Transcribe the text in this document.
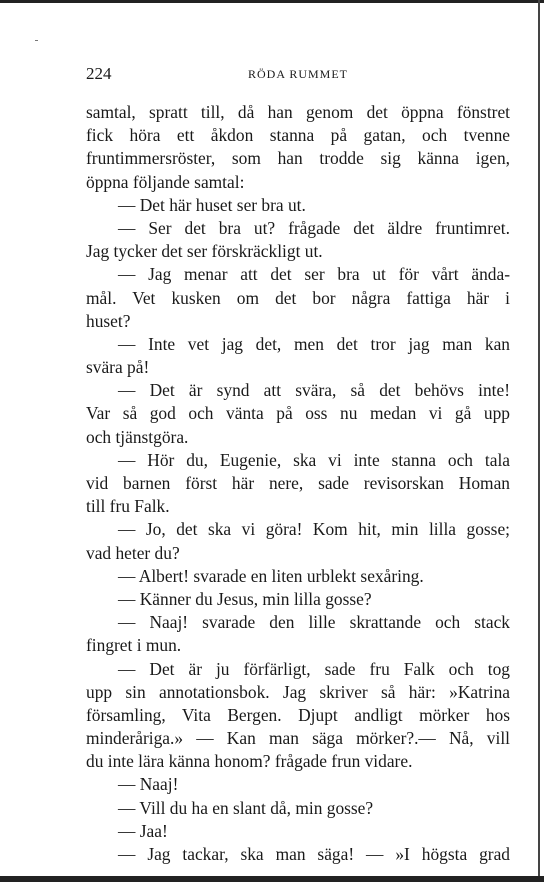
224	RÖDA RUMMET
samtal, spratt till, då han genom det öppna fönstret
fick höra ett åkdon stanna på gatan, och tvenne
fruntimmersröster, som han trodde sig känna igen,
öppna följande samtal:
— Det här huset ser bra ut.
— Ser det bra ut? frågade det äldre fruntimret.
Jag tycker det ser förskräckligt ut.
— Jag menar att det ser bra ut för vårt ända-
mål. Vet kusken om det bor några fattiga här i
huset?
— Inte vet jag det, men det tror jag man kan
svära på!
— Det är synd att svära, så det behövs inte!
Var så god och vänta på oss nu medan vi gå upp
och tjänstgöra.
— Hör du, Eugenie, ska vi inte stanna och tala
vid barnen först här nere, sade revisorskan Homan
till fru Falk.
— Jo, det ska vi göra! Kom hit, min lilla gosse;
vad heter du?
— Albert! svarade en liten urblekt sexåring.
— Känner du Jesus, min lilla gosse?
— Naaj! svarade den lille skrattande och stack
fingret i mun.
— Det är ju förfärligt, sade fru Falk och tog
upp sin annotationsbok. Jag skriver så här: »Katrina
församling, Vita Bergen. Djupt andligt mörker hos
minderåriga.» — Kan man säga mörker?.— Nå, vill
du inte lära känna honom? frågade frun vidare.
— Naaj!
— Vill du ha en slant då, min gosse?
— Jaa!
— Jag tackar, ska man säga! — »I högsta grad
